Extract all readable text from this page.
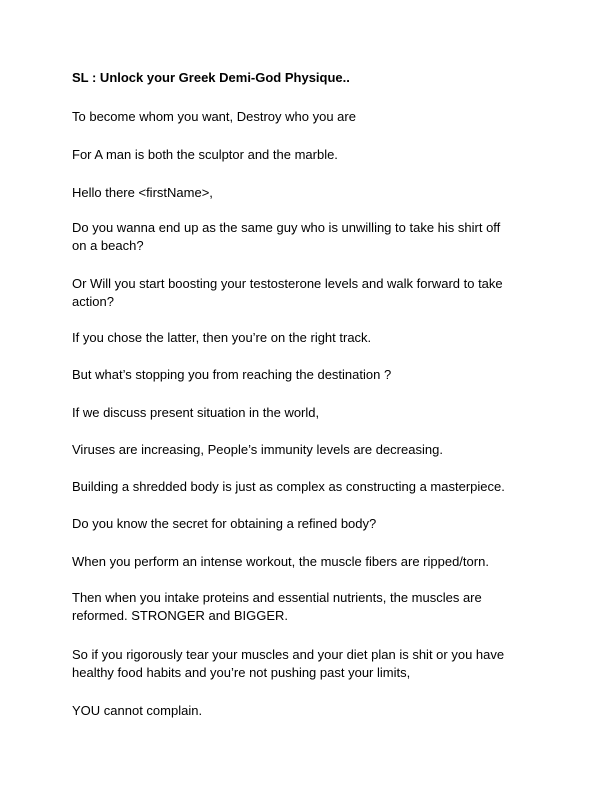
SL : Unlock your Greek Demi-God Physique..
To become whom you want, Destroy who you are
For A man is both the sculptor and the marble.
Hello there <firstName>,
Do you wanna end up as the same guy who is unwilling to take his shirt off
on a beach?
Or Will you start boosting your testosterone levels and walk forward to take
action?
If you chose the latter, then you’re on the right track.
But what’s stopping you from reaching the destination ?
If we discuss present situation in the world,
Viruses are increasing, People’s immunity levels are decreasing.
Building a shredded body is just as complex as constructing a masterpiece.
Do you know the secret for obtaining a refined body?
When you perform an intense workout, the muscle fibers are ripped/torn.
Then when you intake proteins and essential nutrients, the muscles are
reformed. STRONGER and BIGGER.
So if you rigorously tear your muscles and your diet plan is shit or you have
healthy food habits and you’re not pushing past your limits,
YOU cannot complain.
